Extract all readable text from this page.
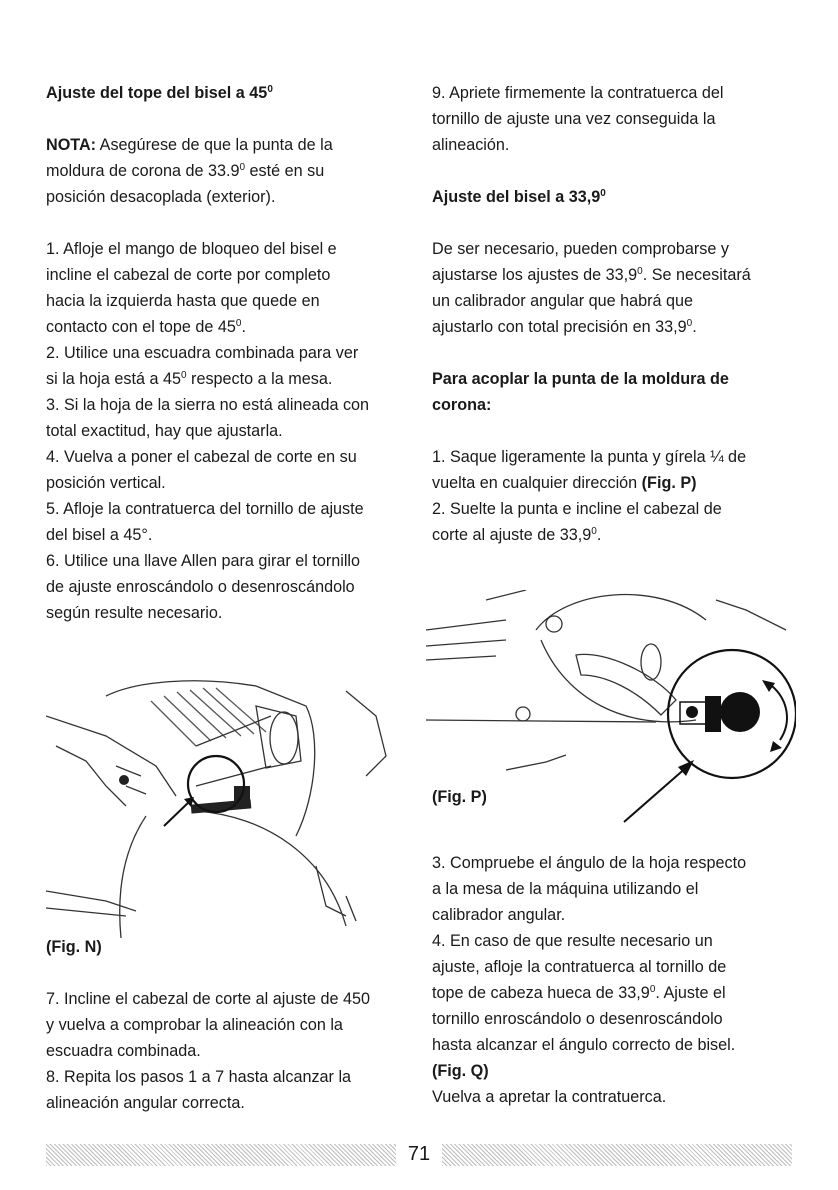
Ajuste del tope del bisel a $45^0$

NOTA: Asegúrese de que la punta de la
moldura de corona de 33.9$^0$ esté en su
posición desacoplada (exterior).

1. Afloje el mango de bloqueo del bisel e
incline el cabezal de corte por completo
hacia la izquierda hasta que quede en
contacto con el tope de $45^0$.

2. Utilice una escuadra combinada para ver
si la hoja está a $45^0$ respecto a la mesa.

3. Si la hoja de la sierra no está alineada con
total exactitud, hay que ajustarla.

4. Vuelva a poner el cabezal de corte en su
posición vertical.

5. Afloje la contratuerca del tornillo de ajuste
del bisel a 45°.

6. Utilice una llave Allen para girar el tornillo
de ajuste enroscándolo o desenroscándolo
según resulte necesario.

(Fig. N)

7. Incline el cabezal de corte al ajuste de 450
y vuelva a comprobar la alineación con la
escuadra combinada.

8. Repita los pasos 1 a 7 hasta alcanzar la
alineación angular correcta.

9. Apriete firmemente la contratuerca del
tornillo de ajuste una vez conseguida la
alineación.

Ajuste del bisel a 33,9$^0$

De ser necesario, pueden comprobarse y
ajustarse los ajustes de 33,9$^0$. Se necesitará
un calibrador angular que habrá que
ajustarlo con total precisión en 33,9$^0$.

Para acoplar la punta de la moldura de
corona:

1. Saque ligeramente la punta y gírela ¼ de
vuelta en cualquier dirección (Fig. P)

2. Suelte la punta e incline el cabezal de
corte al ajuste de 33,9$^0$.

(Fig. P)

3. Compruebe el ángulo de la hoja respecto
a la mesa de la máquina utilizando el
calibrador angular.

4. En caso de que resulte necesario un
ajuste, afloje la contratuerca al tornillo de
tope de cabeza hueca de 33,9$^0$. Ajuste el
tornillo enroscándolo o desenroscándolo
hasta alcanzar el ángulo correcto de bisel.
(Fig. Q)
Vuelva a apretar la contratuerca.

71
